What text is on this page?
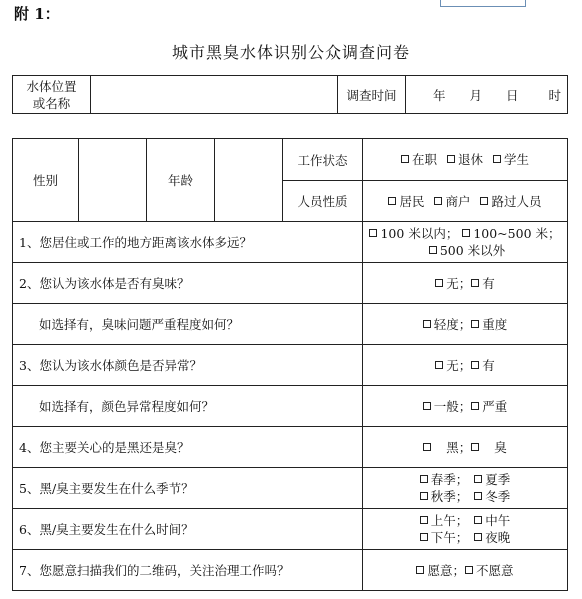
附 1：
城市黑臭水体识别公众调查问卷
水体位置
或名称		调查时间	年 月 日 时
性别		年龄		工作状态	在职 退休 学生
				人员性质	居民 商户 路过人员
1、您居住或工作的地方距离该水体多远？					100 米以内； 100~500 米；500 米以外
2、您认为该水体是否有臭味？					无； 有
如选择有，臭味问题严重程度如何？					轻度； 重度
3、您认为该水体颜色是否异常？					无； 有
如选择有，颜色异常程度如何？					一般； 严重
4、您主要关心的是黑还是臭？					黑； 臭
5、黑/臭主要发生在什么季节？					春季； 夏季
秋季； 冬季
6、黑/臭主要发生在什么时间？					上午； 中午
下午； 夜晚
7、您愿意扫描我们的二维码，关注治理工作吗？					愿意； 不愿意
